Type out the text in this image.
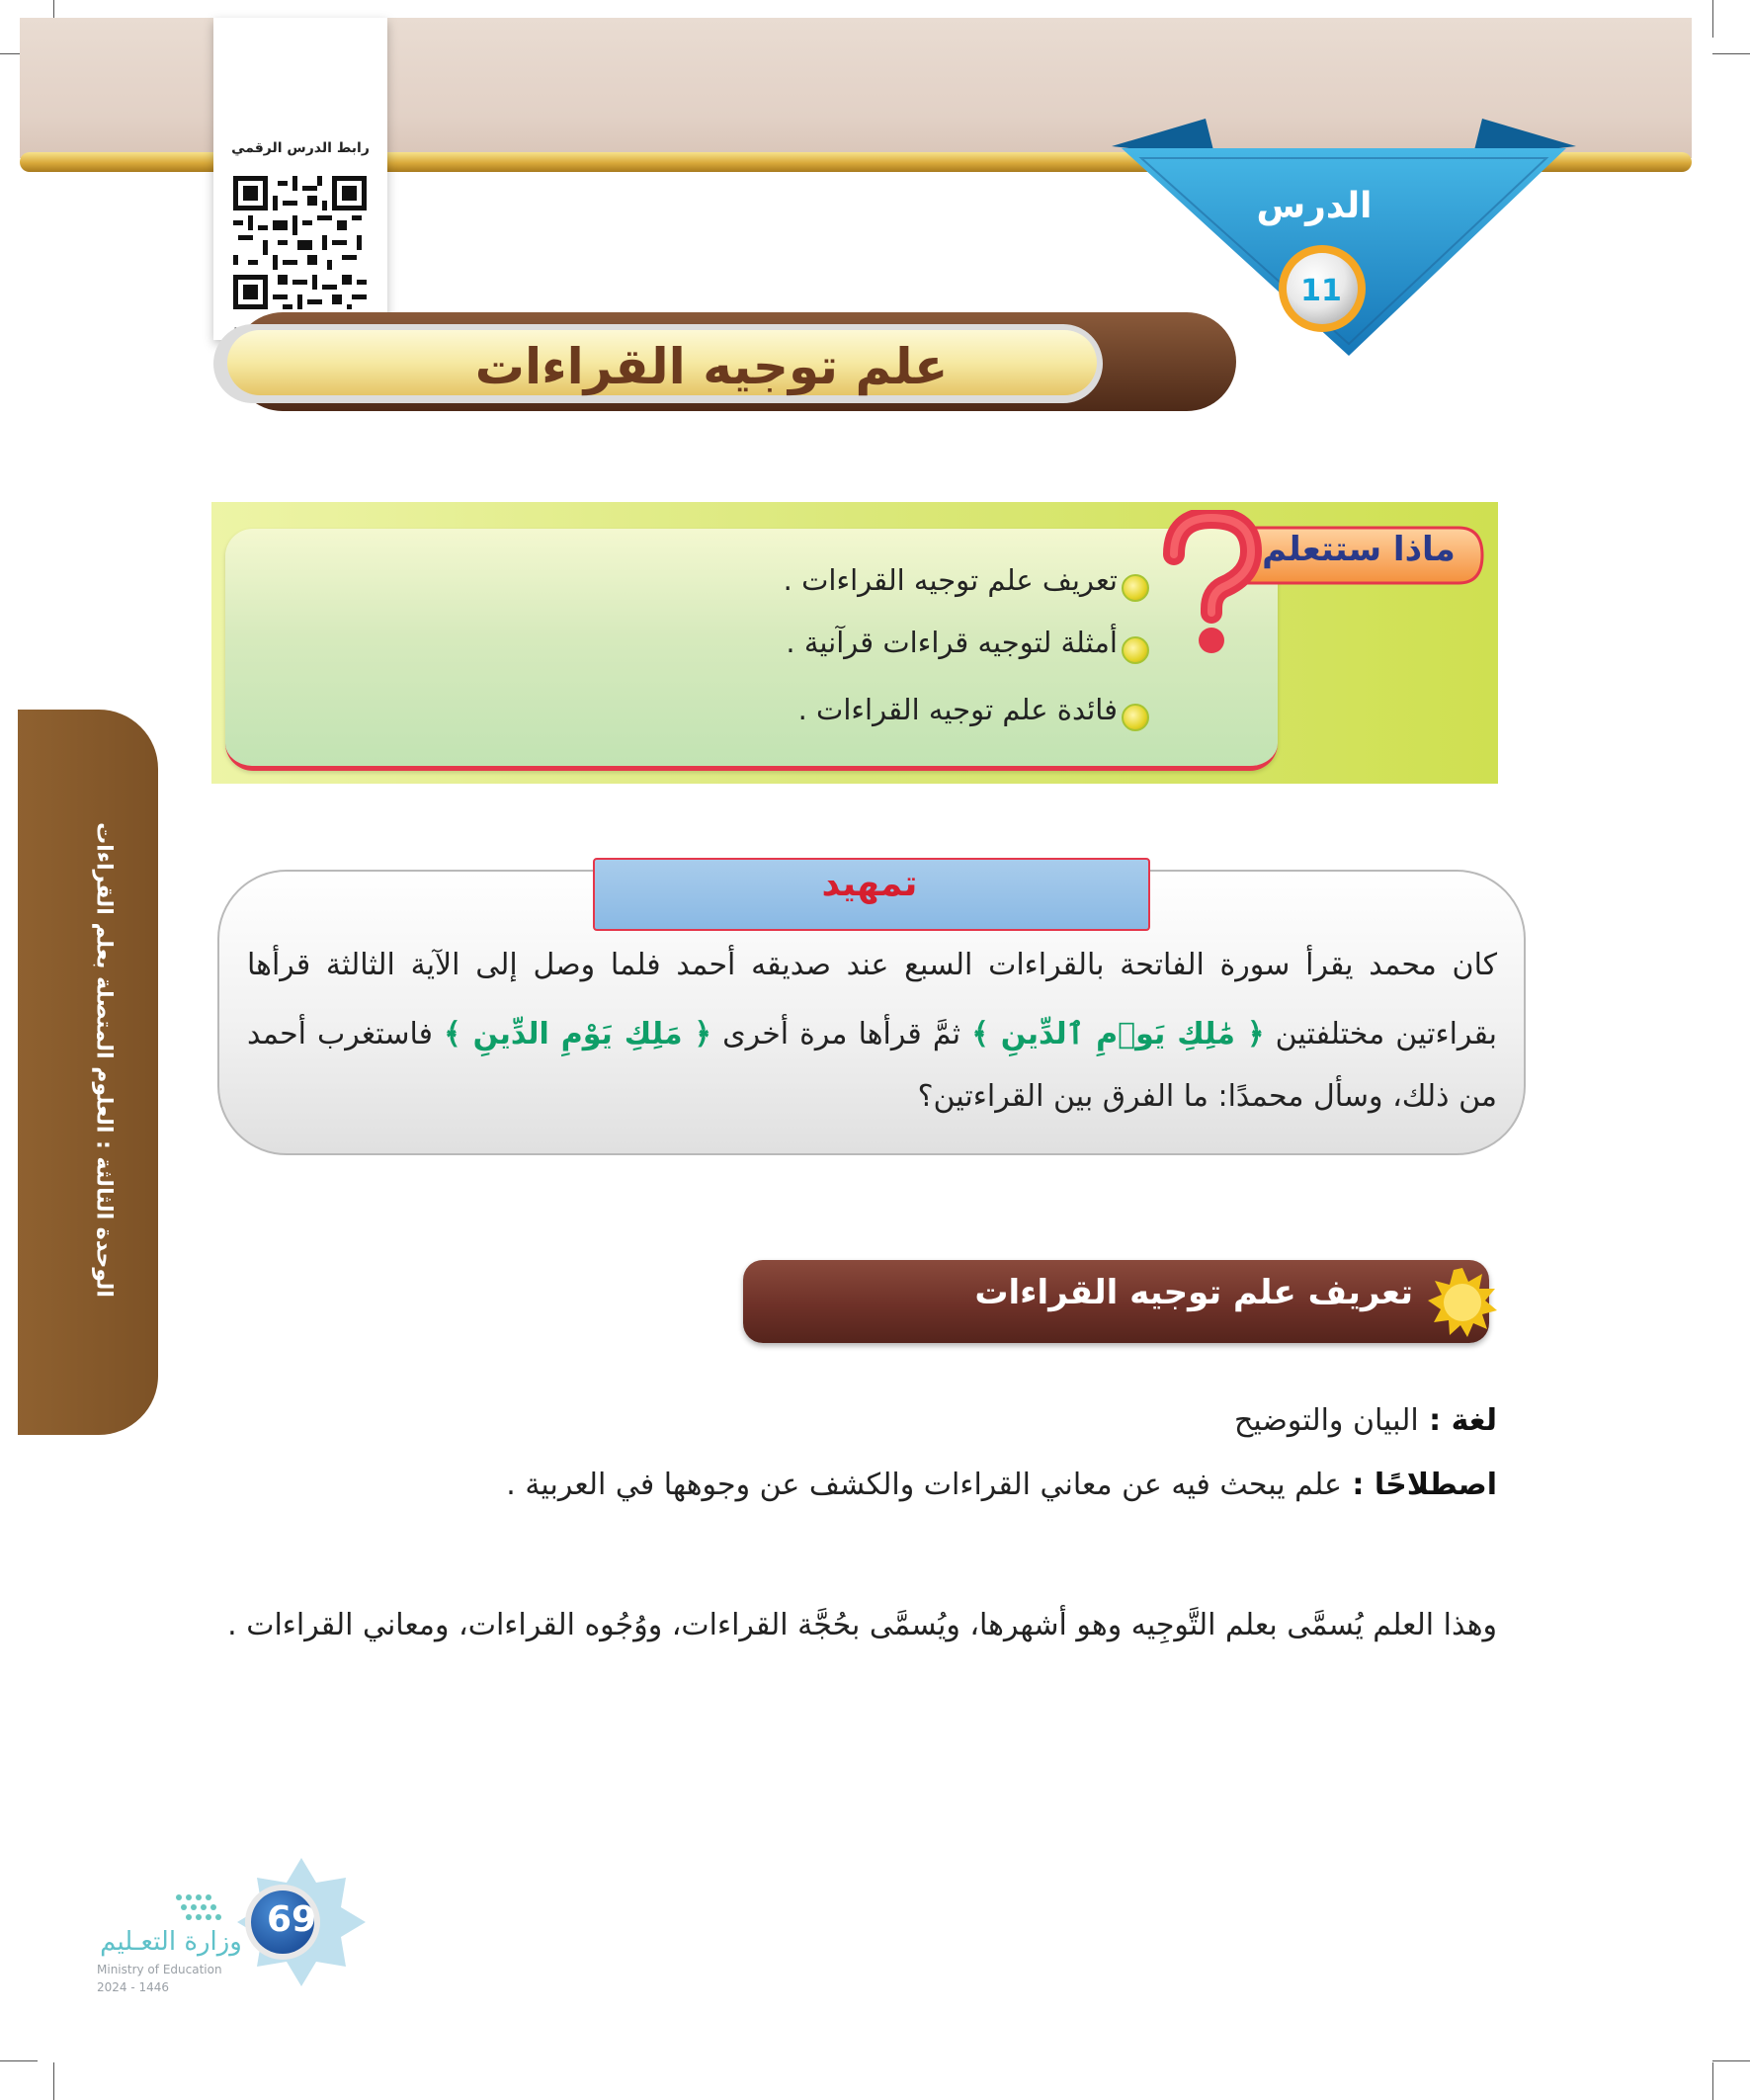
رابط الدرس الرقمي
الدرس
11
علم توجيه القراءات
تعريف علم توجيه القراءات .
أمثلة لتوجيه قراءات قرآنية .
فائدة علم توجيه القراءات .
ماذا ستتعلم
تمهيد
كان محمد يقرأ سورة الفاتحة بالقراءات السبع عند صديقه أحمد فلما وصل إلى الآية الثالثة قرأها
بقراءتين مختلفتين ﴿ مَٰلِكِ يَوۡمِ ٱلدِّينِ ﴾ ثمَّ قرأها مرة أخرى ﴿ مَلِكِ يَوْمِ الدِّينِ ﴾ فاستغرب أحمد
من ذلك، وسأل محمدًا: ما الفرق بين القراءتين؟
تعريف علم توجيه القراءات
لغة : البيان والتوضيح
اصطلاحًا : علم يبحث فيه عن معاني القراءات والكشف عن وجوهها في العربية .
وهذا العلم يُسمَّى بعلم التَّوجِيه وهو أشهرها، ويُسمَّى بحُجَّة القراءات، ووُجُوه القراءات، ومعاني القراءات .
الوحدة الثالثة : العلوم المتصلة بعلم القراءات
69
وزارة التعـليم
Ministry of Education
2024 - 1446
